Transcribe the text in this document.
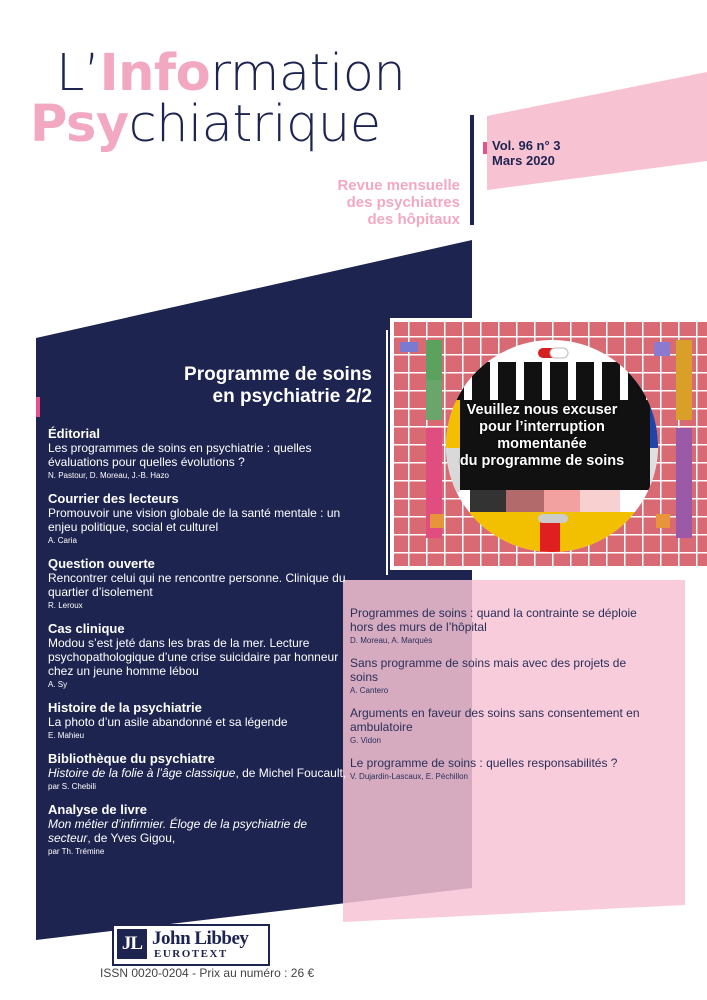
L’Information
Psychiatrique	Vol. 96 n° 3
Mars 2020
Revue mensuelle
des psychiatres
des hôpitaux
Veuillez nous excuser
pour l’interruption
momentanée
du programme de soins
Programme de soins
en psychiatrie 2/2
Éditorial
Les programmes de soins en psychiatrie : quelles évaluations pour quelles évolutions ?
N. Pastour, D. Moreau, J.-B. Hazo
Courrier des lecteurs
Promouvoir une vision globale de la santé mentale : un enjeu politique, social et culturel
A. Caria
Question ouverte
Rencontrer celui qui ne rencontre personne. Clinique du quartier d’isolement
R. Leroux
Cas clinique
Modou s’est jeté dans les bras de la mer. Lecture psychopathologique d’une crise suicidaire par honneur chez un jeune homme lébou
A. Sy
Histoire de la psychiatrie
La photo d’un asile abandonné et sa légende
E. Mahieu
Bibliothèque du psychiatre
Histoire de la folie à l’âge classique, de Michel Foucault,
par S. Chebili
Analyse de livre
Mon métier d’infirmier. Éloge de la psychiatrie de secteur, de Yves Gigou,
par Th. Trémine
Programmes de soins : quand la contrainte se déploie hors des murs de l’hôpital
D. Moreau, A. Marquès
Sans programme de soins mais avec des projets de soins
A. Cantero
Arguments en faveur des soins sans consentement en ambulatoire
G. Vidon
Le programme de soins : quelles responsabilités ?
V. Dujardin-Lascaux, E. Péchillon
JL John Libbey
EUROTEXT
ISSN 0020-0204 - Prix au numéro : 26 €
